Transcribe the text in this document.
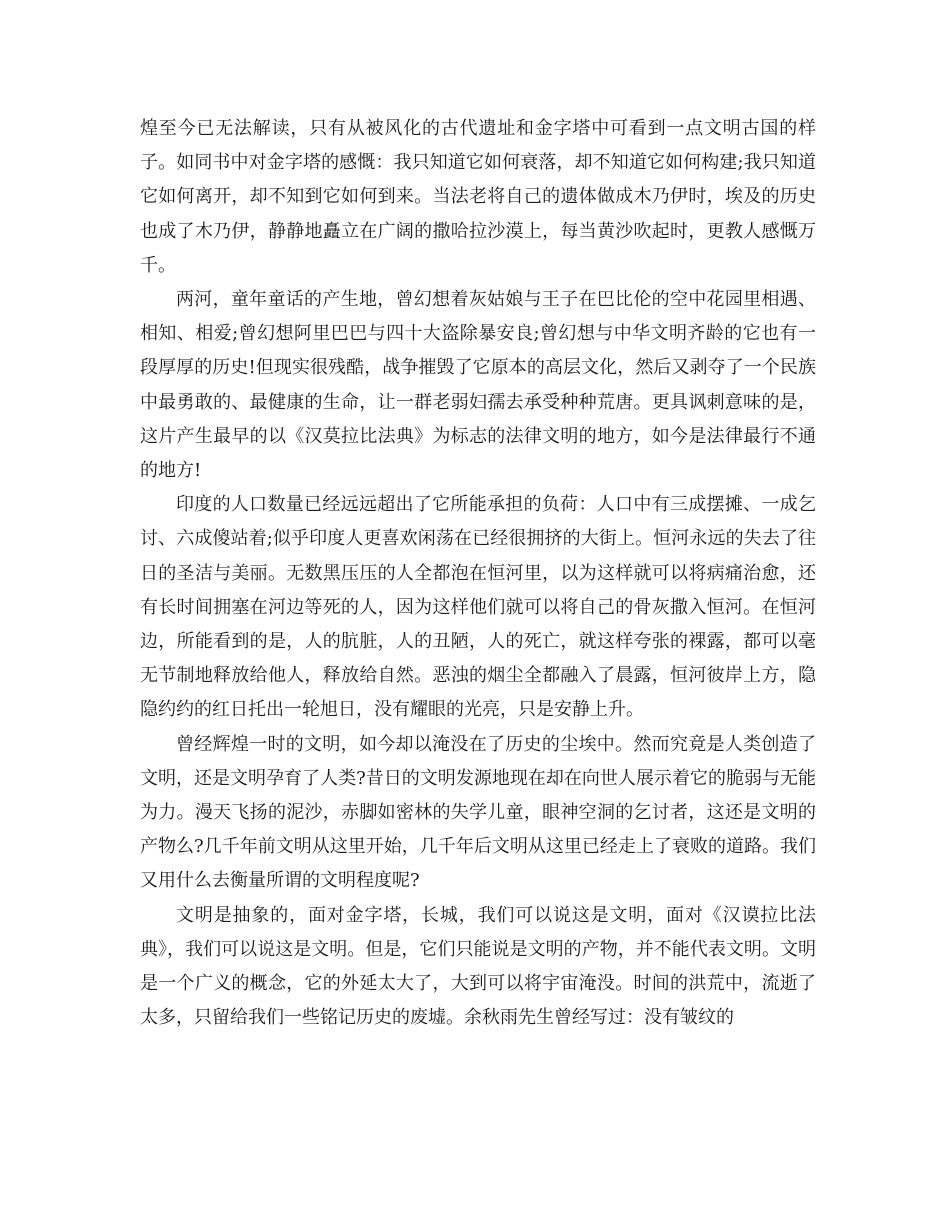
煌至今已无法解读，只有从被风化的古代遗址和金字塔中可看到一点文明古国的样子。如同书中对金字塔的感慨：我只知道它如何衰落，却不知道它如何构建;我只知道它如何离开，却不知到它如何到来。当法老将自己的遗体做成木乃伊时，埃及的历史也成了木乃伊，静静地矗立在广阔的撒哈拉沙漠上，每当黄沙吹起时，更教人感慨万千。

两河，童年童话的产生地，曾幻想着灰姑娘与王子在巴比伦的空中花园里相遇、相知、相爱;曾幻想阿里巴巴与四十大盗除暴安良;曾幻想与中华文明齐龄的它也有一段厚厚的历史!但现实很残酷，战争摧毁了它原本的高层文化，然后又剥夺了一个民族中最勇敢的、最健康的生命，让一群老弱妇孺去承受种种荒唐。更具讽刺意味的是，这片产生最早的以《汉莫拉比法典》为标志的法律文明的地方，如今是法律最行不通的地方!

印度的人口数量已经远远超出了它所能承担的负荷：人口中有三成摆摊、一成乞讨、六成傻站着;似乎印度人更喜欢闲荡在已经很拥挤的大街上。恒河永远的失去了往日的圣洁与美丽。无数黑压压的人全都泡在恒河里，以为这样就可以将病痛治愈，还有长时间拥塞在河边等死的人，因为这样他们就可以将自己的骨灰撒入恒河。在恒河边，所能看到的是，人的肮脏，人的丑陋，人的死亡，就这样夸张的裸露，都可以毫无节制地释放给他人，释放给自然。恶浊的烟尘全都融入了晨露，恒河彼岸上方，隐隐约约的红日托出一轮旭日，没有耀眼的光亮，只是安静上升。

曾经辉煌一时的文明，如今却以淹没在了历史的尘埃中。然而究竟是人类创造了文明，还是文明孕育了人类?昔日的文明发源地现在却在向世人展示着它的脆弱与无能为力。漫天飞扬的泥沙，赤脚如密林的失学儿童，眼神空洞的乞讨者，这还是文明的产物么?几千年前文明从这里开始，几千年后文明从这里已经走上了衰败的道路。我们又用什么去衡量所谓的文明程度呢?

文明是抽象的，面对金字塔，长城，我们可以说这是文明，面对《汉谟拉比法典》，我们可以说这是文明。但是，它们只能说是文明的产物，并不能代表文明。文明是一个广义的概念，它的外延太大了，大到可以将宇宙淹没。时间的洪荒中，流逝了太多，只留给我们一些铭记历史的废墟。余秋雨先生曾经写过：没有皱纹的
